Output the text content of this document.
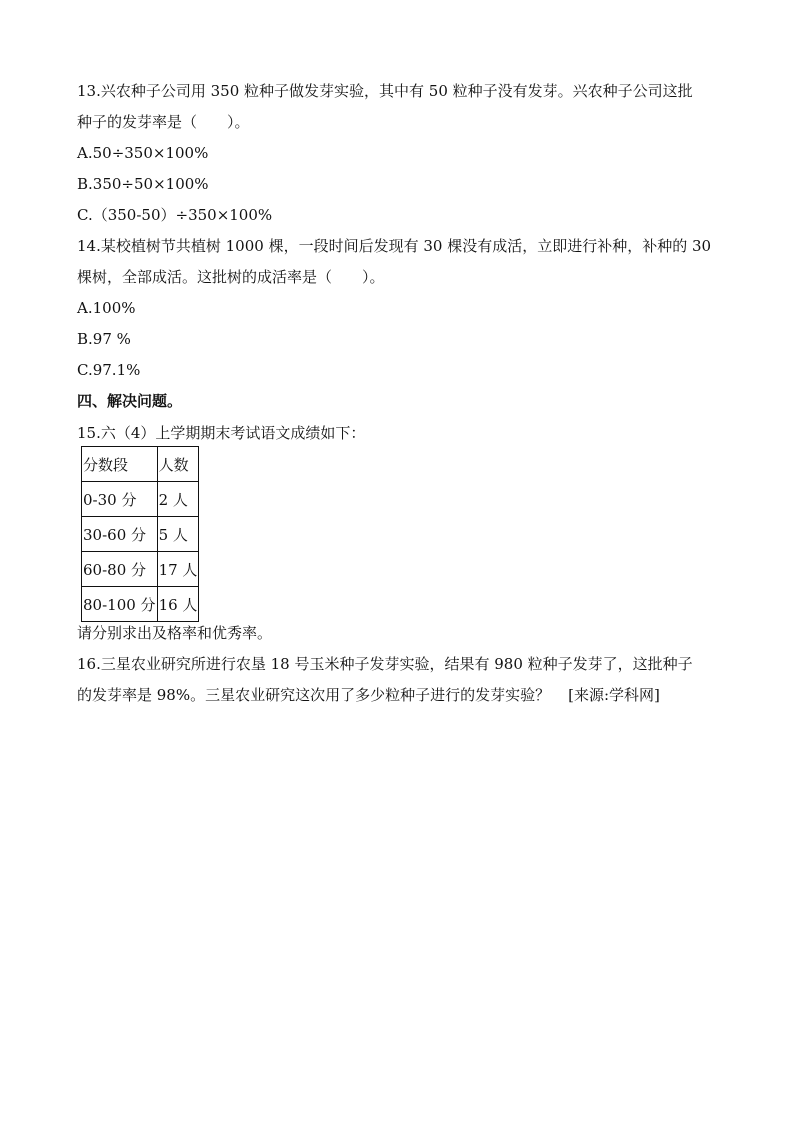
13.兴农种子公司用 350 粒种子做发芽实验，其中有 50 粒种子没有发芽。兴农种子公司这批
种子的发芽率是（　　）。
A.50÷350×100%
B.350÷50×100%
C.（350-50）÷350×100%
14.某校植树节共植树 1000 棵，一段时间后发现有 30 棵没有成活，立即进行补种，补种的 30
棵树，全部成活。这批树的成活率是（　　）。
A.100%
B.97 %
C.97.1%
四、解决问题。
15.六（4）上学期期末考试语文成绩如下：
分数段	人数
0-30 分	2 人
30-60 分	5 人
60-80 分	17 人
80-100 分	16 人
请分别求出及格率和优秀率。
16.三星农业研究所进行农垦 18 号玉米种子发芽实验，结果有 980 粒种子发芽了，这批种子
的发芽率是 98%。三星农业研究这次用了多少粒种子进行的发芽实验？ [来源:学科网]
